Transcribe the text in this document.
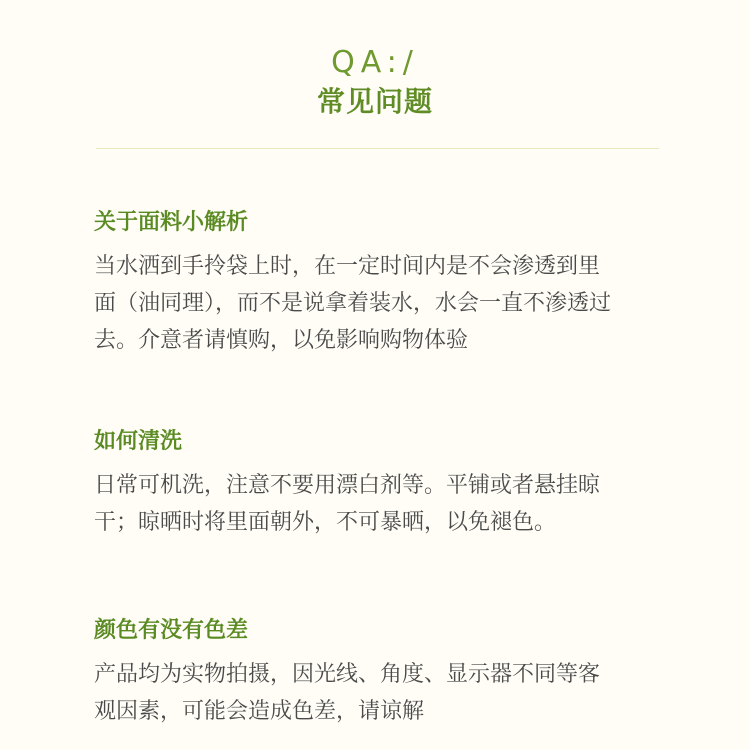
QA:/
常见问题
关于面料小解析

当水洒到手拎袋上时，在一定时间内是不会渗透到里面（油同理），而不是说拿着装水，水会一直不渗透过去。介意者请慎购，以免影响购物体验

如何清洗

日常可机洗，注意不要用漂白剂等。平铺或者悬挂晾干；晾晒时将里面朝外，不可暴晒，以免褪色。

颜色有没有色差

产品均为实物拍摄，因光线、角度、显示器不同等客观因素，可能会造成色差，请谅解
